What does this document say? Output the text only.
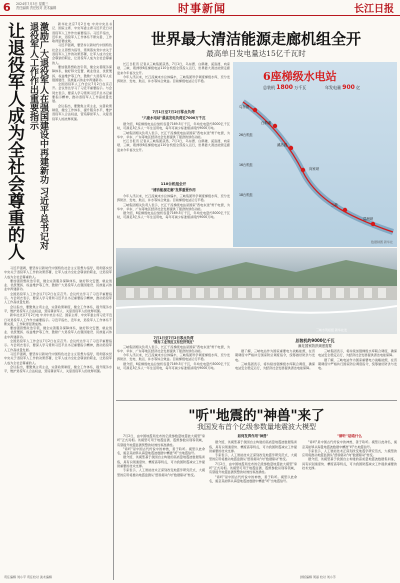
6 2024年7月3日 星期三
责任编辑 责任校对 美术编辑	时事新闻	长江日报
让退役军人成为全社会尊重的人	激励广大退役军人在强国建设中再建新功 习近平总书记对退役军人工作作出重要指示	新华社北京7月2日电 中共中央总书记、国家主席、中央军委主席习近平近日对退役军人工作作出重要指示。习近平指出，近年来，退役军人工作体系不断完善，工作取得显著成效。

习近平强调，要坚持以新时代中国特色社会主义思想为指导，贯彻落实党中央关于退役军人工作的决策部署，让军人成为全社会尊崇的职业，让退役军人成为全社会尊重的人。

要加强思想政治引领，健全完善服务保障体系，做好移交安置、就业创业、优抚褒扬、权益维护等工作，激励广大退役军人在强国建设、民族复兴伟业中再建新功。

全国退役军人工作会议7月2日在京召开。会议传达学习了习近平重要指示。与会同志表示，要深入学习贯彻习近平总书记重要指示精神，推动退役军人工作高质量发展。

会议指出，要聚焦主责主业，完善政策制度，健全工作体系，提升服务水平，维护退役军人合法权益，营造尊崇军人、关爱退役军人的浓厚氛围。

习近平强调，要坚持以新时代中国特色社会主义思想为指导，贯彻落实党中央关于退役军人工作的决策部署，让军人成为全社会尊崇的职业，让退役军人成为全社会尊重的人。

要加强思想政治引领，健全完善服务保障体系，做好移交安置、就业创业、优抚褒扬、权益维护等工作，激励广大退役军人在强国建设、民族复兴伟业中再建新功。

全国退役军人工作会议7月2日在京召开。会议传达学习了习近平重要指示。与会同志表示，要深入学习贯彻习近平总书记重要指示精神，推动退役军人工作高质量发展。

会议指出，要聚焦主责主业，完善政策制度，健全工作体系，提升服务水平，维护退役军人合法权益，营造尊崇军人、关爱退役军人的浓厚氛围。

新华社北京7月2日电 中共中央总书记、国家主席、中央军委主席习近平近日对退役军人工作作出重要指示。习近平指出，近年来，退役军人工作体系不断完善，工作取得显著成效。

要加强思想政治引领，健全完善服务保障体系，做好移交安置、就业创业、优抚褒扬、权益维护等工作，激励广大退役军人在强国建设、民族复兴伟业中再建新功。

全国退役军人工作会议7月2日在京召开。会议传达学习了习近平重要指示。与会同志表示，要深入学习贯彻习近平总书记重要指示精神，推动退役军人工作高质量发展。

习近平强调，要坚持以新时代中国特色社会主义思想为指导，贯彻落实党中央关于退役军人工作的决策部署，让军人成为全社会尊崇的职业，让退役军人成为全社会尊重的人。

会议指出，要聚焦主责主业，完善政策制度，健全工作体系，提升服务水平，维护退役军人合法权益，营造尊崇军人、关爱退役军人的浓厚氛围。

责任编辑 刘小平 责任校对 美术编辑
世界最大清洁能源走廊机组全开
最高单日发电量达15亿千瓦时

长江日报讯 记者从三峡集团获悉，7月1日，乌东德、白鹤滩、溪洛渡、向家坝、三峡、葛洲坝6座梯级电站110台机组全部投入运行，世界最大清洁能源走廊迎来今年首次全开。

今年入汛以来，长江流域来水总体偏丰，三峡集团科学调度梯级水库，充分发挥防洪、发电、航运、补水等综合效益。目前梯级电站运行平稳。

7月1日至7月2日零点负荷
"六座水电站"最高发电负荷近7000万千瓦

据介绍，6座梯级电站总装机容量7169.5万千瓦，年均发电量约3000亿千瓦时，可满足3亿多人一年生活用电，每年可减少标准煤消耗约9000万吨。

三峡集团相关负责人表示，长江干流梯级电站是国家"西电东送"骨干电源，为华中、华东、广东等地区经济社会发展提供了强劲的绿色动能。

长江日报讯 记者从三峡集团获悉，7月1日，乌东德、白鹤滩、溪洛渡、向家坝、三峡、葛洲坝6座梯级电站110台机组全部投入运行，世界最大清洁能源走廊迎来今年首次全开。

110台机组全开
"清洁能源走廊"发挥重要作用

今年入汛以来，长江流域来水总体偏丰，三峡集团科学调度梯级水库，充分发挥防洪、发电、航运、补水等综合效益。目前梯级电站运行平稳。

三峡集团相关负责人表示，长江干流梯级电站是国家"西电东送"骨干电源，为华中、华东、广东等地区经济社会发展提供了强劲的绿色动能。

据介绍，6座梯级电站总装机容量7169.5万千瓦，年均发电量约3000亿千瓦时，可满足3亿多人一年生活用电，每年可减少标准煤消耗约9000万吨。

6座梯级水电站
总装机 1800 万千瓦	年发电量 900 亿
乌东德
白鹤滩
溪洛渡
向家坝
三峡
葛洲坝
26台机组
16台机组
18台机组
数据制图 新华社
三峡水利枢纽 新华社发
总装机约9000亿千瓦
满足国家防汛调度需要
7月1日至7月2日零点负荷
"既有工业效应又有经济效应"

三峡集团相关负责人表示，长江干流梯级电站是国家"西电东送"骨干电源，为华中、华东、广东等地区经济社会发展提供了强劲的绿色动能。

今年入汛以来，长江流域来水总体偏丰，三峡集团科学调度梯级水库，充分发挥防洪、发电、航运、补水等综合效益。目前梯级电站运行平稳。

据介绍，6座梯级电站总装机容量7169.5万千瓦，年均发电量约3000亿千瓦时，可满足3亿多人一年生活用电，每年可减少标准煤消耗约9000万吨。

据了解，三峡电站作为国家重要电力战略能源，在汛期调度中严格执行国家防总调度指令，统筹做好防洪与发电。

三峡集团表示，将持续加强梯级水库联合调度，确保电站安全稳定运行，为经济社会发展提供清洁电能保障。

三峡集团表示，将持续加强梯级水库联合调度，确保电站安全稳定运行，为经济社会发展提供清洁电能保障。

据了解，三峡电站作为国家重要电力战略能源，在汛期调度中严格执行国家防总调度指令，统筹做好防洪与发电。

"听"地震的"神兽"来了
我国发布首个亿级参数量地震波大模型

7月2日，由中国地震局发布的亿级参数量地震波大模型"谛听"正式亮相。该模型可用于地震监测、震源参数识别等领域，有望提升地震监测预警的时效性和准确性。

"谛听"是中国古代传说中的神兽，善于聆听。模型以此命名，寓意其能够从海量地震波数据中精准"听"出地震信号。

据介绍，该模型基于我国自主构建的高质量地震波数据集训练，具有识别速度快、精度高等特点，可为我国防震减灾工作提供重要的技术支撑。

专家表示，人工智能技术正深刻改变地震学研究范式，大模型的应用将推动地震监测从"经验驱动"向"数据驱动"转变。

如何发挥作用"神兽"

据介绍，该模型基于我国自主构建的高质量地震波数据集训练，具有识别速度快、精度高等特点，可为我国防震减灾工作提供重要的技术支撑。

专家表示，人工智能技术正深刻改变地震学研究范式，大模型的应用将推动地震监测从"经验驱动"向"数据驱动"转变。

7月2日，由中国地震局发布的亿级参数量地震波大模型"谛听"正式亮相。该模型可用于地震监测、震源参数识别等领域，有望提升地震监测预警的时效性和准确性。

"谛听"是中国古代传说中的神兽，善于聆听。模型以此命名，寓意其能够从海量地震波数据中精准"听"出地震信号。

"谛听"是啥什么

"谛听"是中国古代传说中的神兽，善于聆听。模型以此命名，寓意其能够从海量地震波数据中精准"听"出地震信号。

专家表示，人工智能技术正深刻改变地震学研究范式，大模型的应用将推动地震监测从"经验驱动"向"数据驱动"转变。

据介绍，该模型基于我国自主构建的高质量地震波数据集训练，具有识别速度快、精度高等特点，可为我国防震减灾工作提供重要的技术支撑。

排版编辑 周丽 校对 刘小芳
